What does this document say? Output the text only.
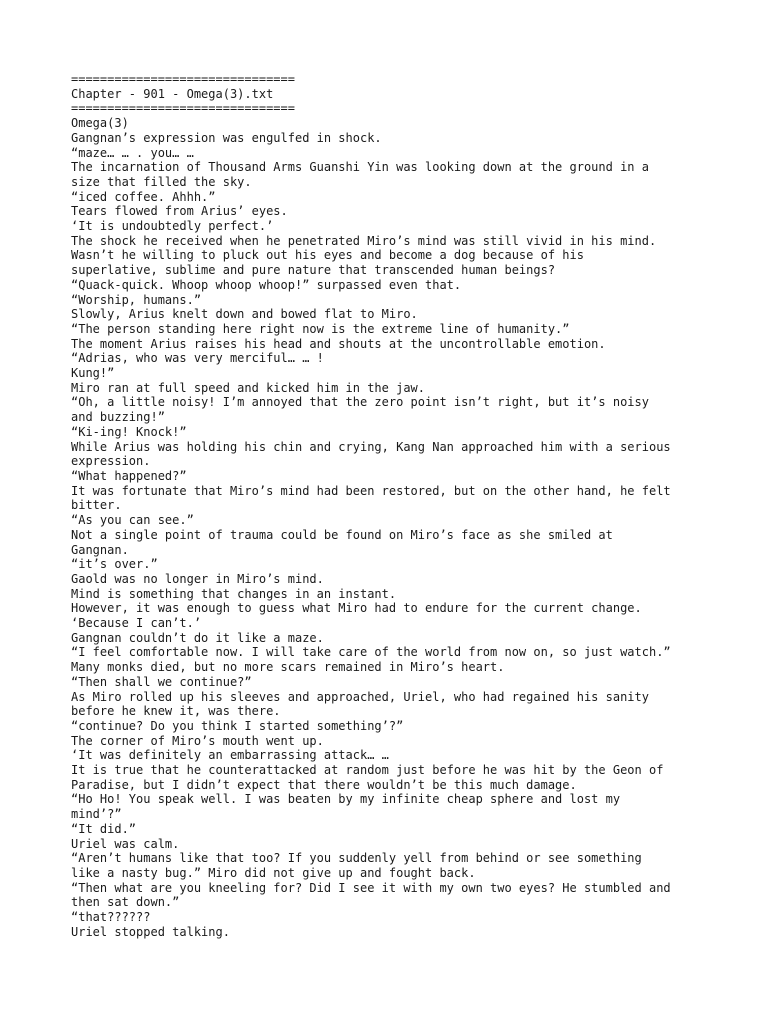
===============================
Chapter - 901 - Omega(3).txt
===============================
Omega(3)
Gangnan’s expression was engulfed in shock.
“maze… … . you… …
The incarnation of Thousand Arms Guanshi Yin was looking down at the ground in a
size that filled the sky.
“iced coffee. Ahhh.”
Tears flowed from Arius’ eyes.
‘It is undoubtedly perfect.’
The shock he received when he penetrated Miro’s mind was still vivid in his mind.
Wasn’t he willing to pluck out his eyes and become a dog because of his
superlative, sublime and pure nature that transcended human beings?
“Quack-quick. Whoop whoop whoop!” surpassed even that.
“Worship, humans.”
Slowly, Arius knelt down and bowed flat to Miro.
“The person standing here right now is the extreme line of humanity.”
The moment Arius raises his head and shouts at the uncontrollable emotion.
“Adrias, who was very merciful… … !
Kung!”
Miro ran at full speed and kicked him in the jaw.
“Oh, a little noisy! I’m annoyed that the zero point isn’t right, but it’s noisy
and buzzing!”
“Ki-ing! Knock!”
While Arius was holding his chin and crying, Kang Nan approached him with a serious
expression.
“What happened?”
It was fortunate that Miro’s mind had been restored, but on the other hand, he felt
bitter.
“As you can see.”
Not a single point of trauma could be found on Miro’s face as she smiled at
Gangnan.
“it’s over.”
Gaold was no longer in Miro’s mind.
Mind is something that changes in an instant.
However, it was enough to guess what Miro had to endure for the current change.
‘Because I can’t.’
Gangnan couldn’t do it like a maze.
“I feel comfortable now. I will take care of the world from now on, so just watch.”
Many monks died, but no more scars remained in Miro’s heart.
“Then shall we continue?”
As Miro rolled up his sleeves and approached, Uriel, who had regained his sanity
before he knew it, was there.
“continue? Do you think I started something’?”
The corner of Miro’s mouth went up.
‘It was definitely an embarrassing attack… …
It is true that he counterattacked at random just before he was hit by the Geon of
Paradise, but I didn’t expect that there wouldn’t be this much damage.
“Ho Ho! You speak well. I was beaten by my infinite cheap sphere and lost my
mind’?”
“It did.”
Uriel was calm.
“Aren’t humans like that too? If you suddenly yell from behind or see something
like a nasty bug.” Miro did not give up and fought back.
“Then what are you kneeling for? Did I see it with my own two eyes? He stumbled and
then sat down.”
“that??????
Uriel stopped talking.
